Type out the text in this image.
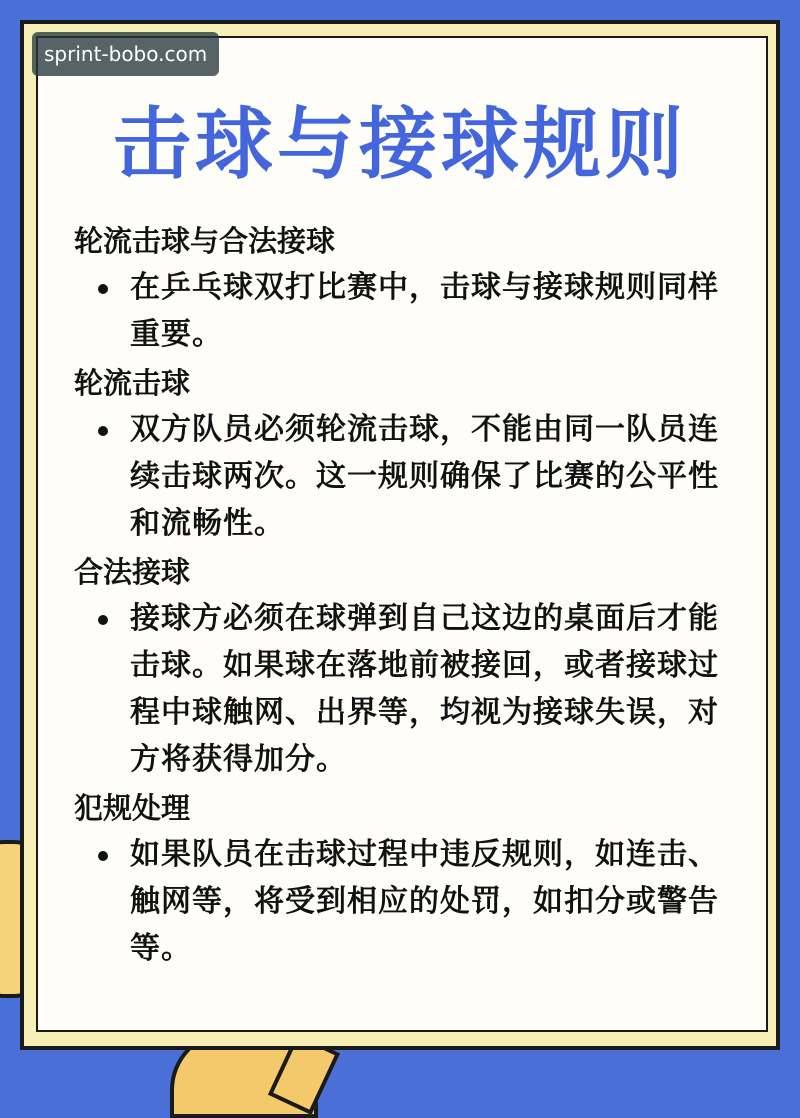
sprint-bobo.com
击球与接球规则

轮流击球与合法接球

在乒乓球双打比赛中，击球与接球规则同样重要。

轮流击球

双方队员必须轮流击球，不能由同一队员连续击球两次。这一规则确保了比赛的公平性和流畅性。

合法接球

接球方必须在球弹到自己这边的桌面后才能击球。如果球在落地前被接回，或者接球过程中球触网、出界等，均视为接球失误，对方将获得加分。

犯规处理

如果队员在击球过程中违反规则，如连击、触网等，将受到相应的处罚，如扣分或警告等。
